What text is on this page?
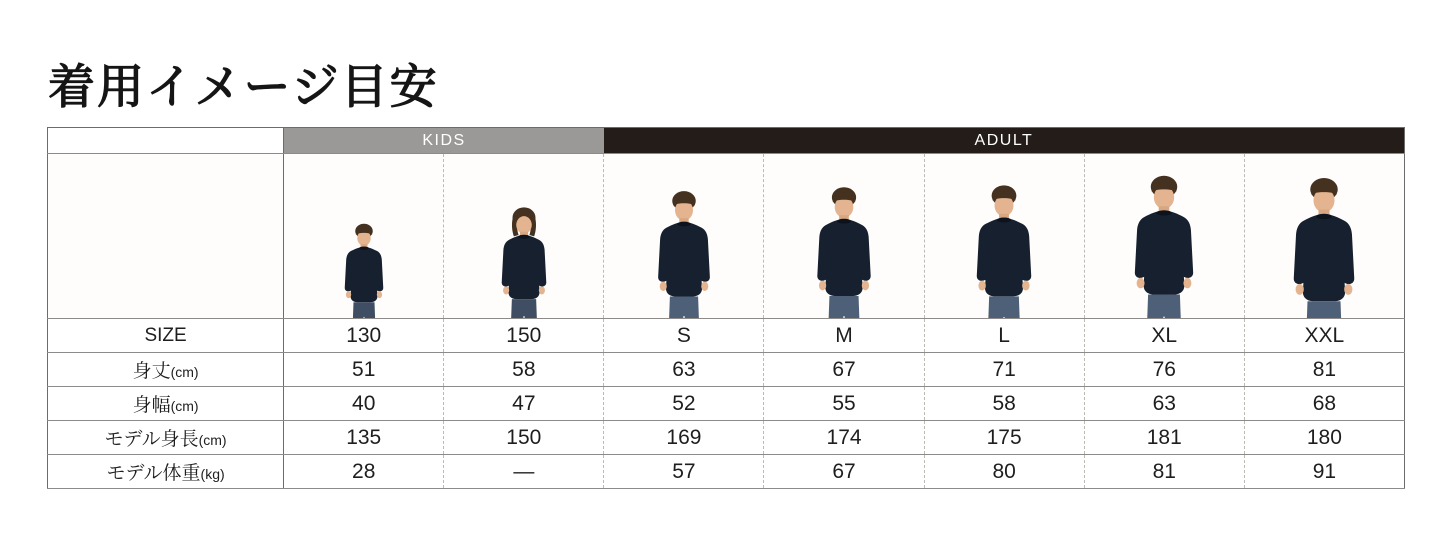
着用イメージ目安
	KIDS		ADULT				

SIZE	130	150	S	M	L	XL	XXL
身丈(cm)	51	58	63	67	71	76	81
身幅(cm)	40	47	52	55	58	63	68
モデル身長(cm)	135	150	169	174	175	181	180
モデル体重(kg)	28	—	57	67	80	81	91
